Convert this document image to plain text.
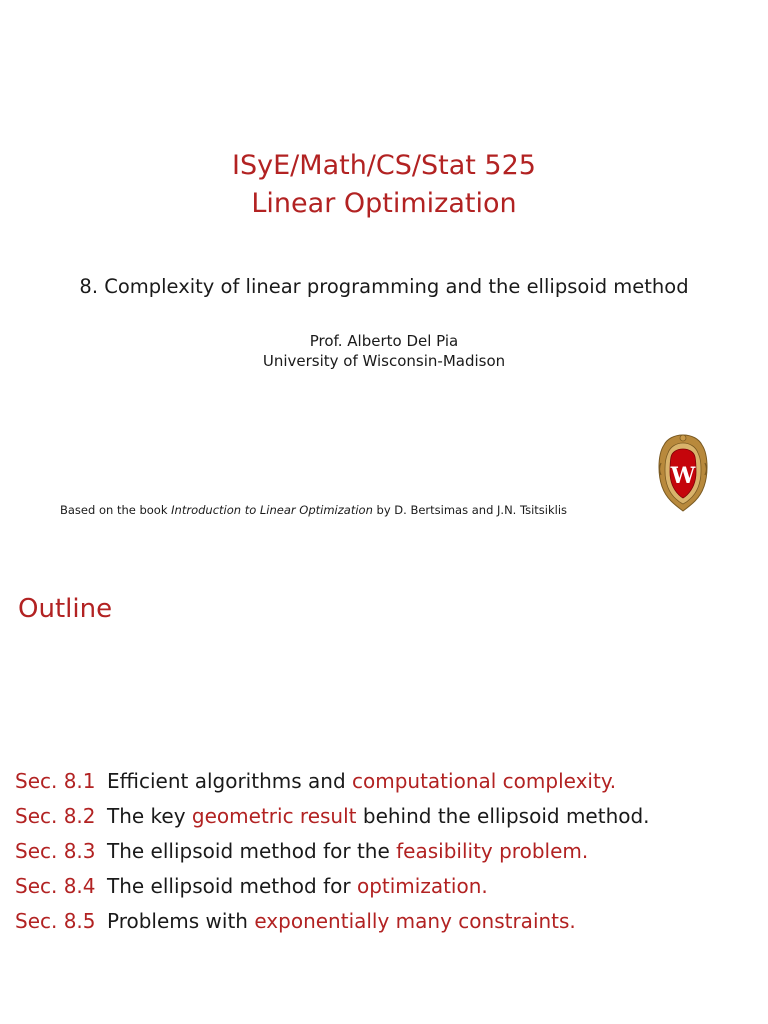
ISyE/Math/CS/Stat 525
Linear Optimization
8. Complexity of linear programming and the ellipsoid method
Prof. Alberto Del Pia
University of Wisconsin-Madison
W
Based on the book Introduction to Linear Optimization by D. Bertsimas and J.N. Tsitsiklis
Outline
Sec. 8.1 Efficient algorithms and computational complexity.
Sec. 8.2 The key geometric result behind the ellipsoid method.
Sec. 8.3 The ellipsoid method for the feasibility problem.
Sec. 8.4 The ellipsoid method for optimization.
Sec. 8.5 Problems with exponentially many constraints.
